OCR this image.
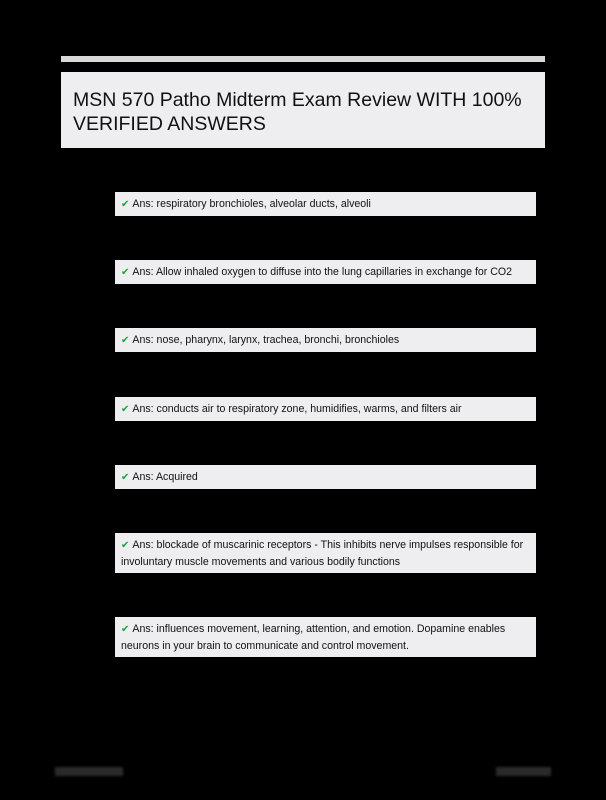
MSN 570 Patho Midterm Exam Review WITH 100% VERIFIED ANSWERS
✔ Ans: respiratory bronchioles, alveolar ducts, alveoli
✔ Ans: Allow inhaled oxygen to diffuse into the lung capillaries in exchange for CO2
✔ Ans: nose, pharynx, larynx, trachea, bronchi, bronchioles
✔ Ans: conducts air to respiratory zone, humidifies, warms, and filters air
✔ Ans: Acquired
✔ Ans: blockade of muscarinic receptors - This inhibits nerve impulses responsible for involuntary muscle movements and various bodily functions
✔ Ans: influences movement, learning, attention, and emotion. Dopamine enables neurons in your brain to communicate and control movement.
